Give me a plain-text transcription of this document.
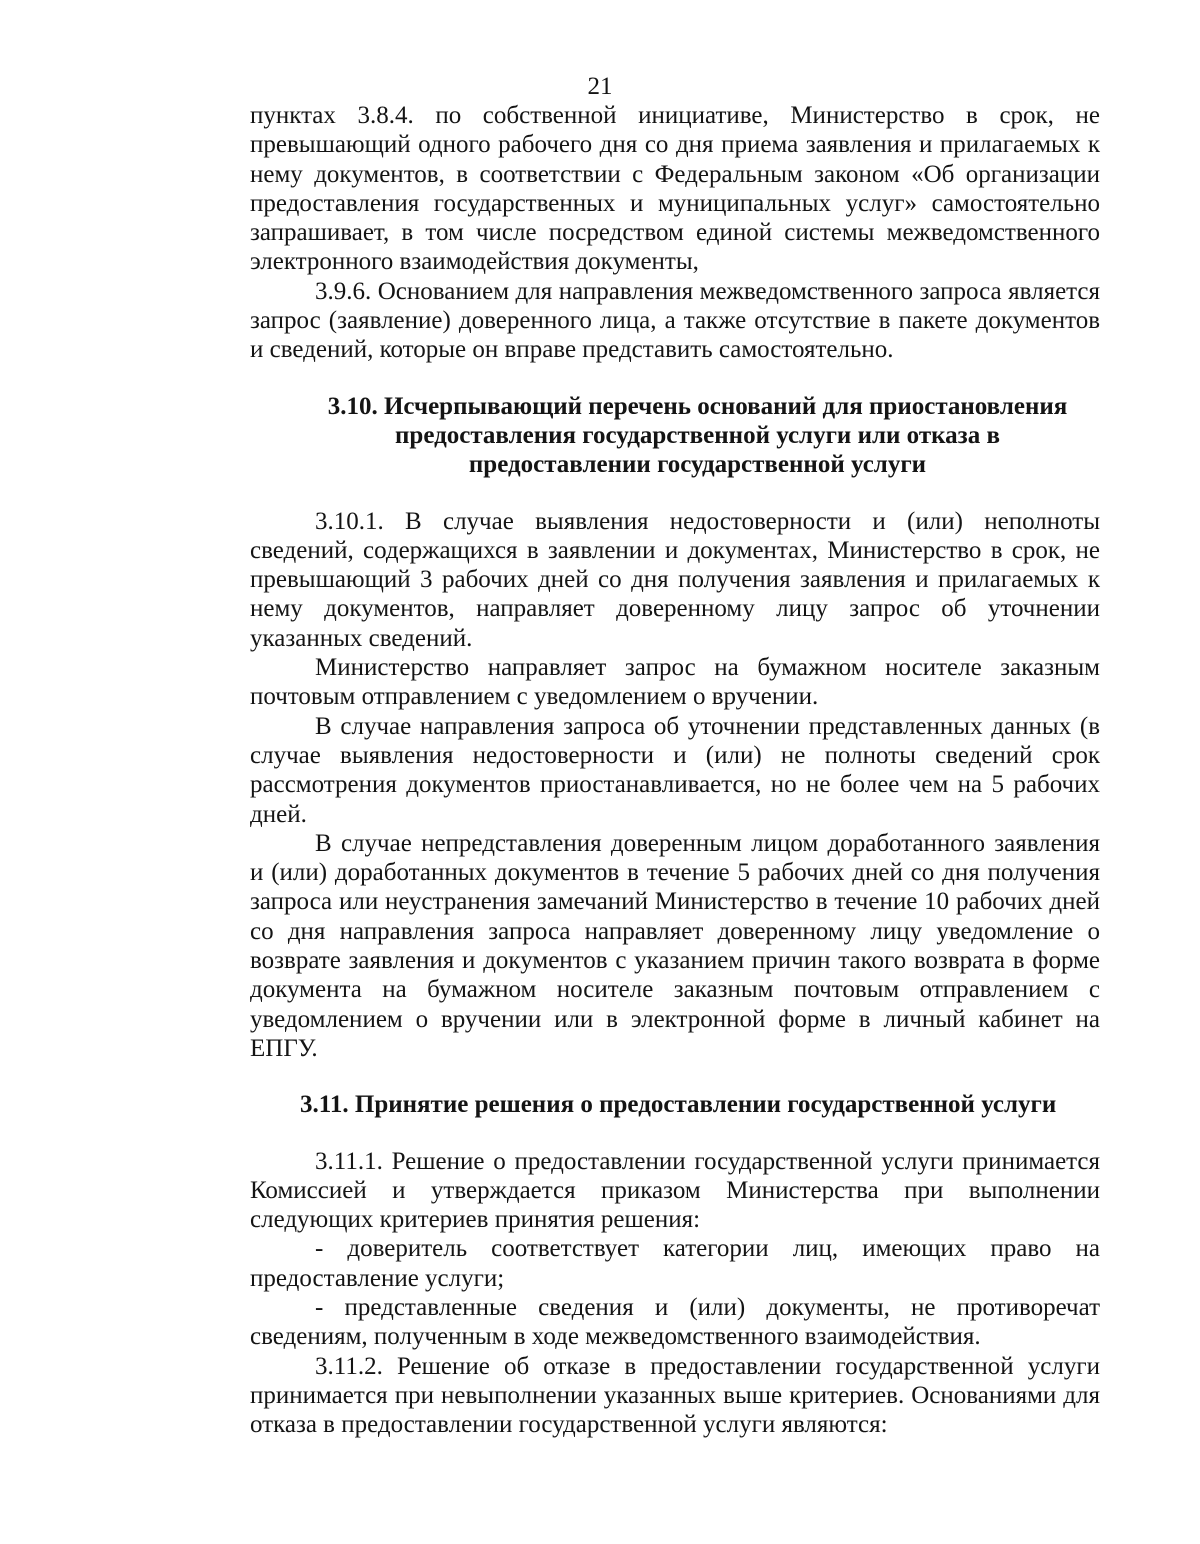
21

пунктах 3.8.4. по собственной инициативе, Министерство в срок, не превышающий одного рабочего дня со дня приема заявления и прилагаемых к нему документов, в соответствии с Федеральным законом «Об организации предоставления государственных и муниципальных услуг» самостоятельно запрашивает, в том числе посредством единой системы межведомственного электронного взаимодействия документы,

3.9.6. Основанием для направления межведомственного запроса является запрос (заявление) доверенного лица, а также отсутствие в пакете документов и сведений, которые он вправе представить самостоятельно.

3.10. Исчерпывающий перечень оснований для приостановления
предоставления государственной услуги или отказа в
предоставлении государственной услуги

3.10.1. В случае выявления недостоверности и (или) неполноты сведений, содержащихся в заявлении и документах, Министерство в срок, не превышающий 3 рабочих дней со дня получения заявления и прилагаемых к нему документов, направляет доверенному лицу запрос об уточнении указанных сведений.

Министерство направляет запрос на бумажном носителе заказным почтовым отправлением с уведомлением о вручении.

В случае направления запроса об уточнении представленных данных (в случае выявления недостоверности и (или) не полноты сведений срок рассмотрения документов приостанавливается, но не более чем на 5 рабочих дней.

В случае непредставления доверенным лицом доработанного заявления и (или) доработанных документов в течение 5 рабочих дней со дня получения запроса или неустранения замечаний Министерство в течение 10 рабочих дней со дня направления запроса направляет доверенному лицу уведомление о возврате заявления и документов с указанием причин такого возврата в форме документа на бумажном носителе заказным почтовым отправлением с уведомлением о вручении или в электронной форме в личный кабинет на ЕПГУ.

3.11. Принятие решения о предоставлении государственной услуги

3.11.1. Решение о предоставлении государственной услуги принимается Комиссией и утверждается приказом Министерства при выполнении следующих критериев принятия решения:

- доверитель соответствует категории лиц, имеющих право на предоставление услуги;

- представленные сведения и (или) документы, не противоречат сведениям, полученным в ходе межведомственного взаимодействия.

3.11.2. Решение об отказе в предоставлении государственной услуги принимается при невыполнении указанных выше критериев. Основаниями для отказа в предоставлении государственной услуги являются:
